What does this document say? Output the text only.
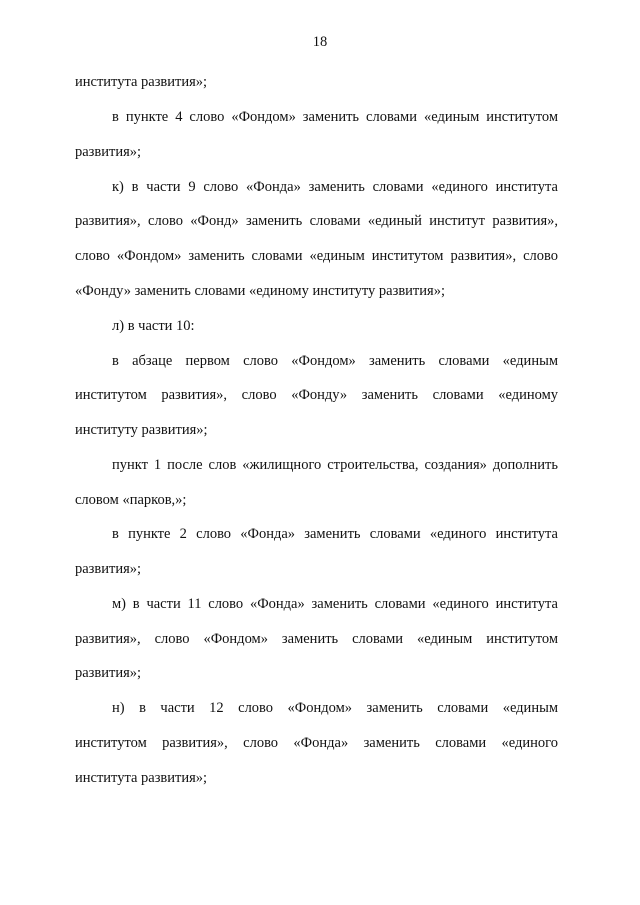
18
института развития»;
в пункте 4 слово «Фондом» заменить словами «единым институтом
развития»;
к) в части 9 слово «Фонда» заменить словами «единого института
развития», слово «Фонд» заменить словами «единый институт развития»,
слово «Фондом» заменить словами «единым институтом развития», слово
«Фонду» заменить словами «единому институту развития»;
л) в части 10:
в абзаце первом слово «Фондом» заменить словами «единым
институтом развития», слово «Фонду» заменить словами «единому
институту развития»;
пункт 1 после слов «жилищного строительства, создания» дополнить
словом «парков,»;
в пункте 2 слово «Фонда» заменить словами «единого института
развития»;
м) в части 11 слово «Фонда» заменить словами «единого института
развития», слово «Фондом» заменить словами «единым институтом
развития»;
н) в части 12 слово «Фондом» заменить словами «единым
институтом развития», слово «Фонда» заменить словами «единого
института развития»;
